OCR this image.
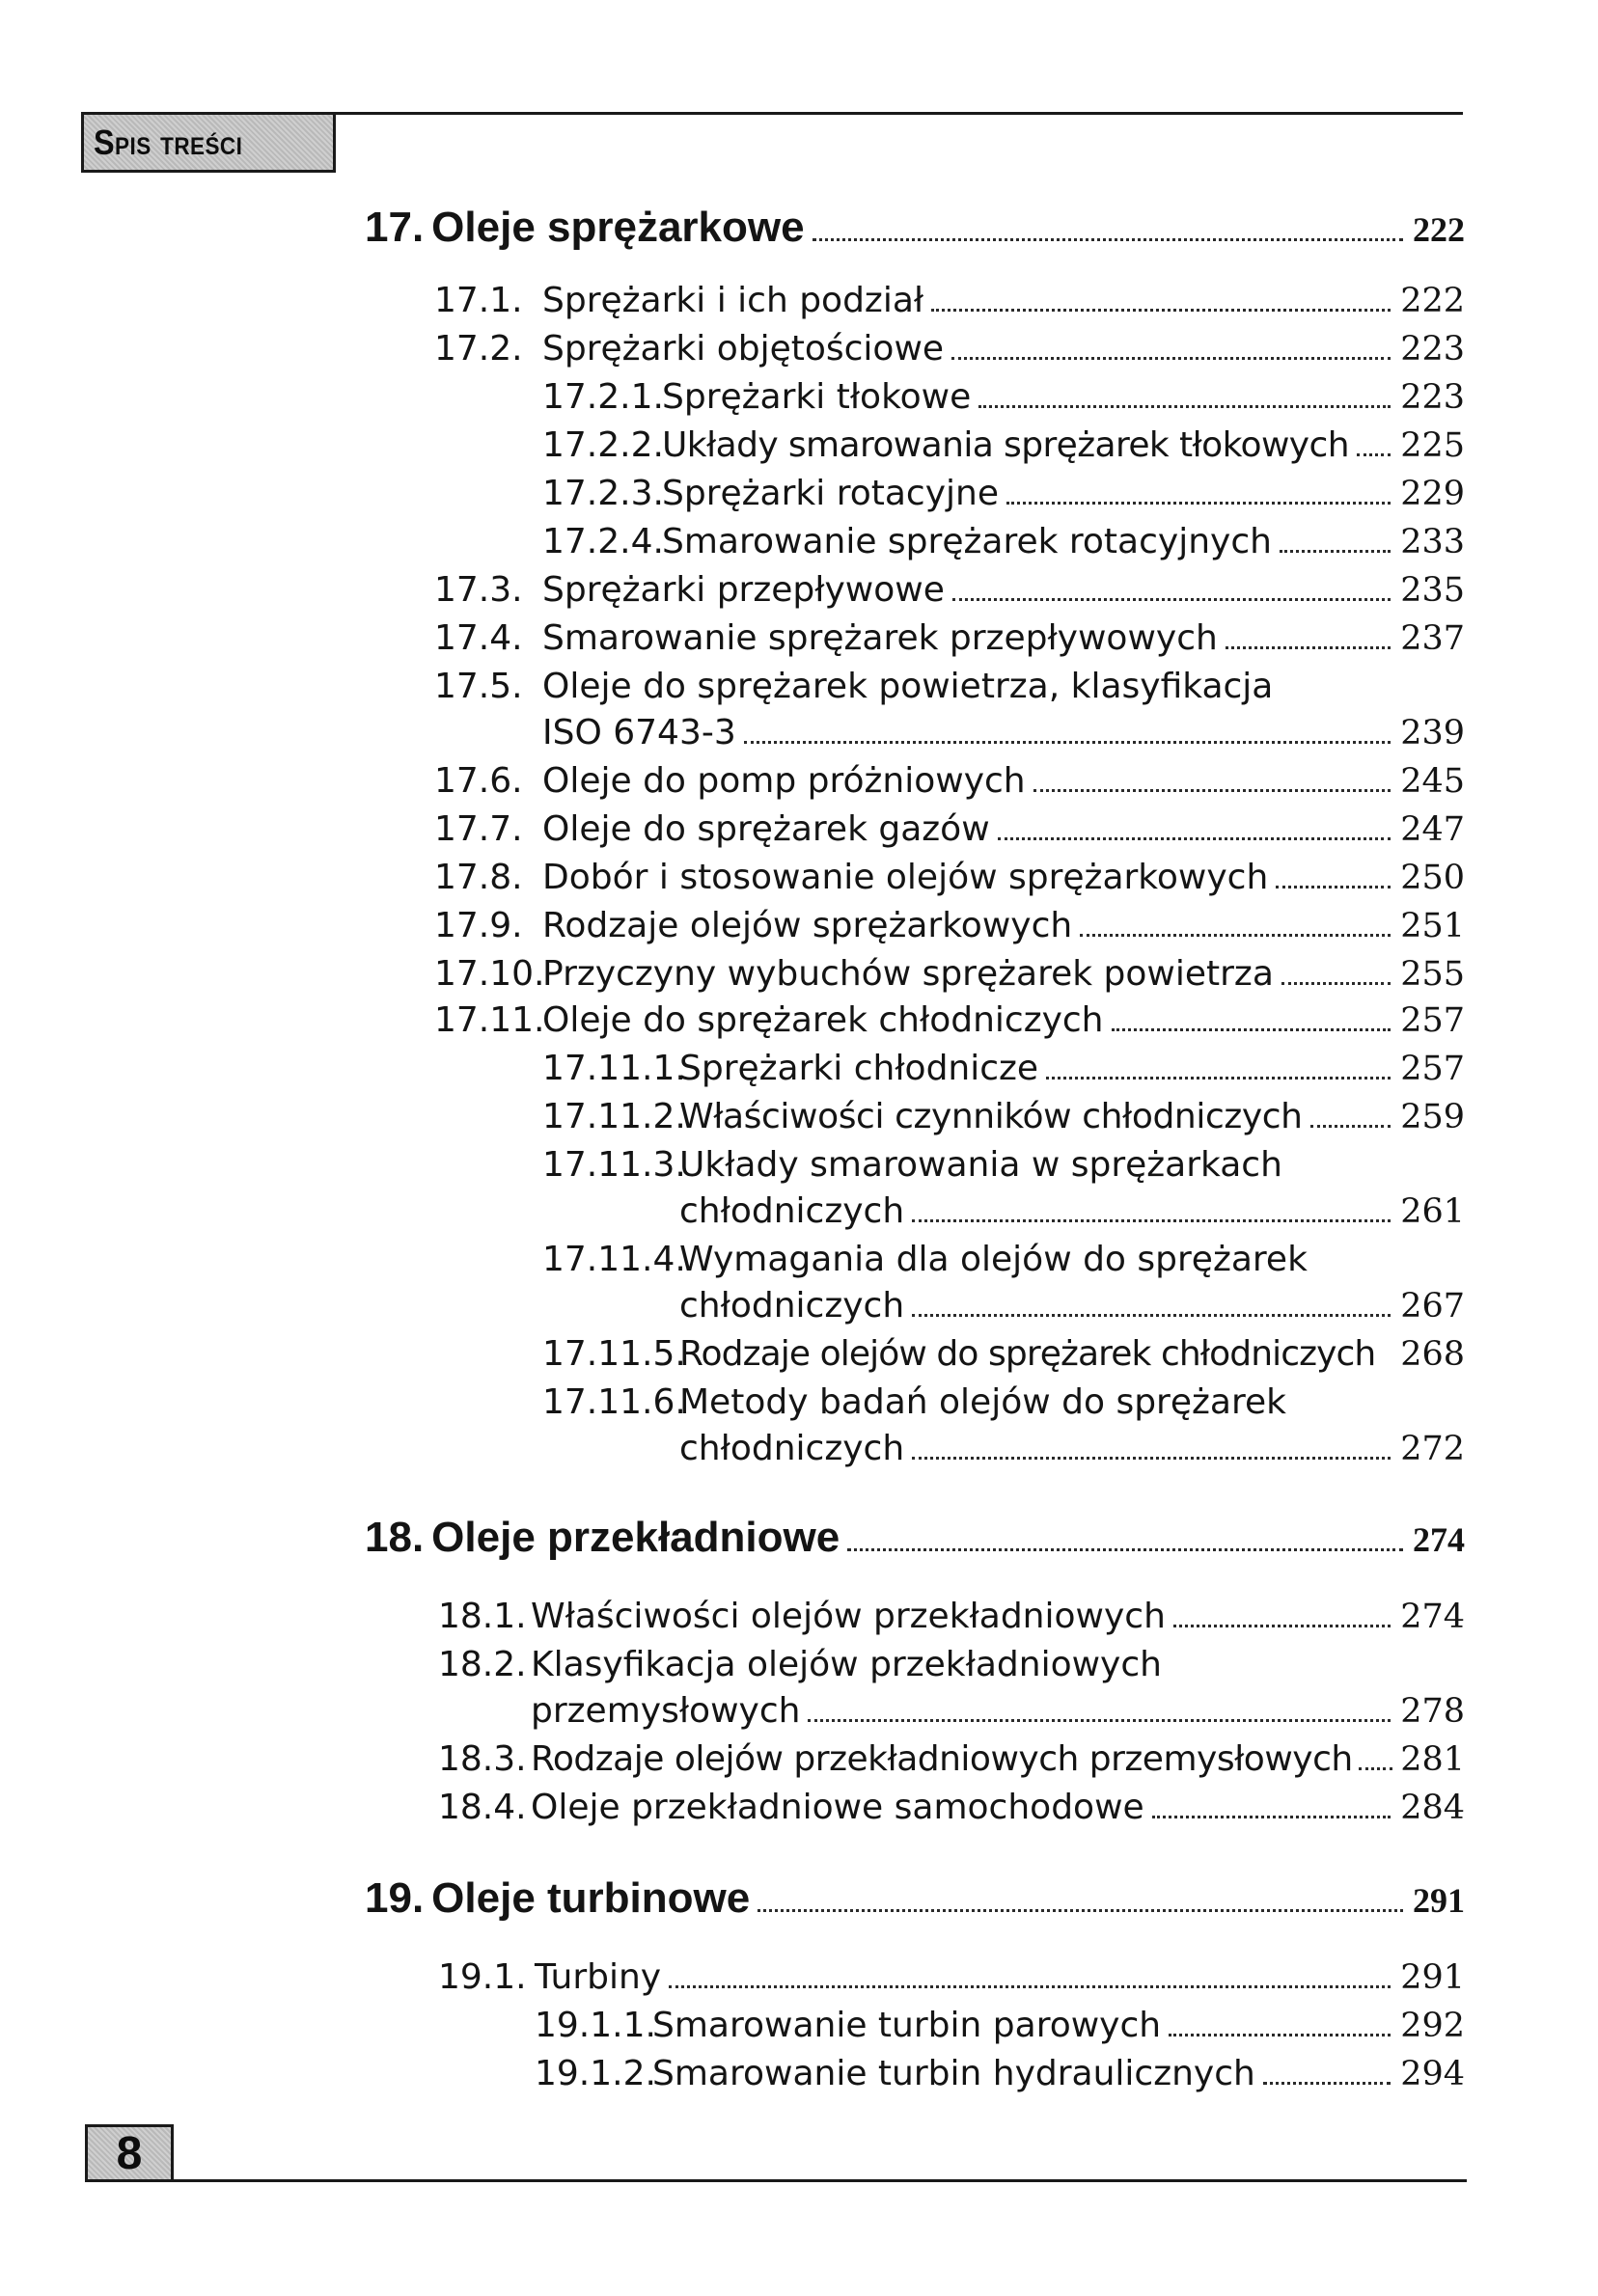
Spis treści
17. Oleje sprężarkowe	222
17.1. Sprężarki i ich podział	222
17.2. Sprężarki objętościowe	223
17.2.1.
Sprężarki tłokowe	223
17.2.2.
Układy smarowania sprężarek tłokowych 225
17.2.3.
Sprężarki rotacyjne	229
17.2.4.
Smarowanie sprężarek rotacyjnych	233
17.3. Sprężarki przepływowe	235
17.4. Smarowanie sprężarek przepływowych	237
17.5. Oleje do sprężarek powietrza, klasyfikacja
ISO 6743-3	239
17.6. Oleje do pomp próżniowych	245
17.7. Oleje do sprężarek gazów	247
17.8. Dobór i stosowanie olejów sprężarkowych	250
17.9. Rodzaje olejów sprężarkowych	251
17.10.
Przyczyny wybuchów sprężarek powietrza	255
17.11.
Oleje do sprężarek chłodniczych	257
17.11.1.
Sprężarki chłodnicze	257
17.11.2.
Właściwości czynników chłodniczych	259
17.11.3.
Układy smarowania w sprężarkach
chłodniczych	261
17.11.4.
Wymagania dla olejów do sprężarek
chłodniczych	267
17.11.5.
Rodzaje olejów do sprężarek chłodniczych 268
17.11.6.
Metody badań olejów do sprężarek
chłodniczych	272
18. Oleje przekładniowe	274
18.1. Właściwości olejów przekładniowych	274
18.2. Klasyfikacja olejów przekładniowych
przemysłowych	278
18.3. Rodzaje olejów przekładniowych przemysłowych 281
18.4. Oleje przekładniowe samochodowe	284
19. Oleje turbinowe	291
19.1. Turbiny	291
19.1.1.
Smarowanie turbin parowych	292
19.1.2.
Smarowanie turbin hydraulicznych	294
8
